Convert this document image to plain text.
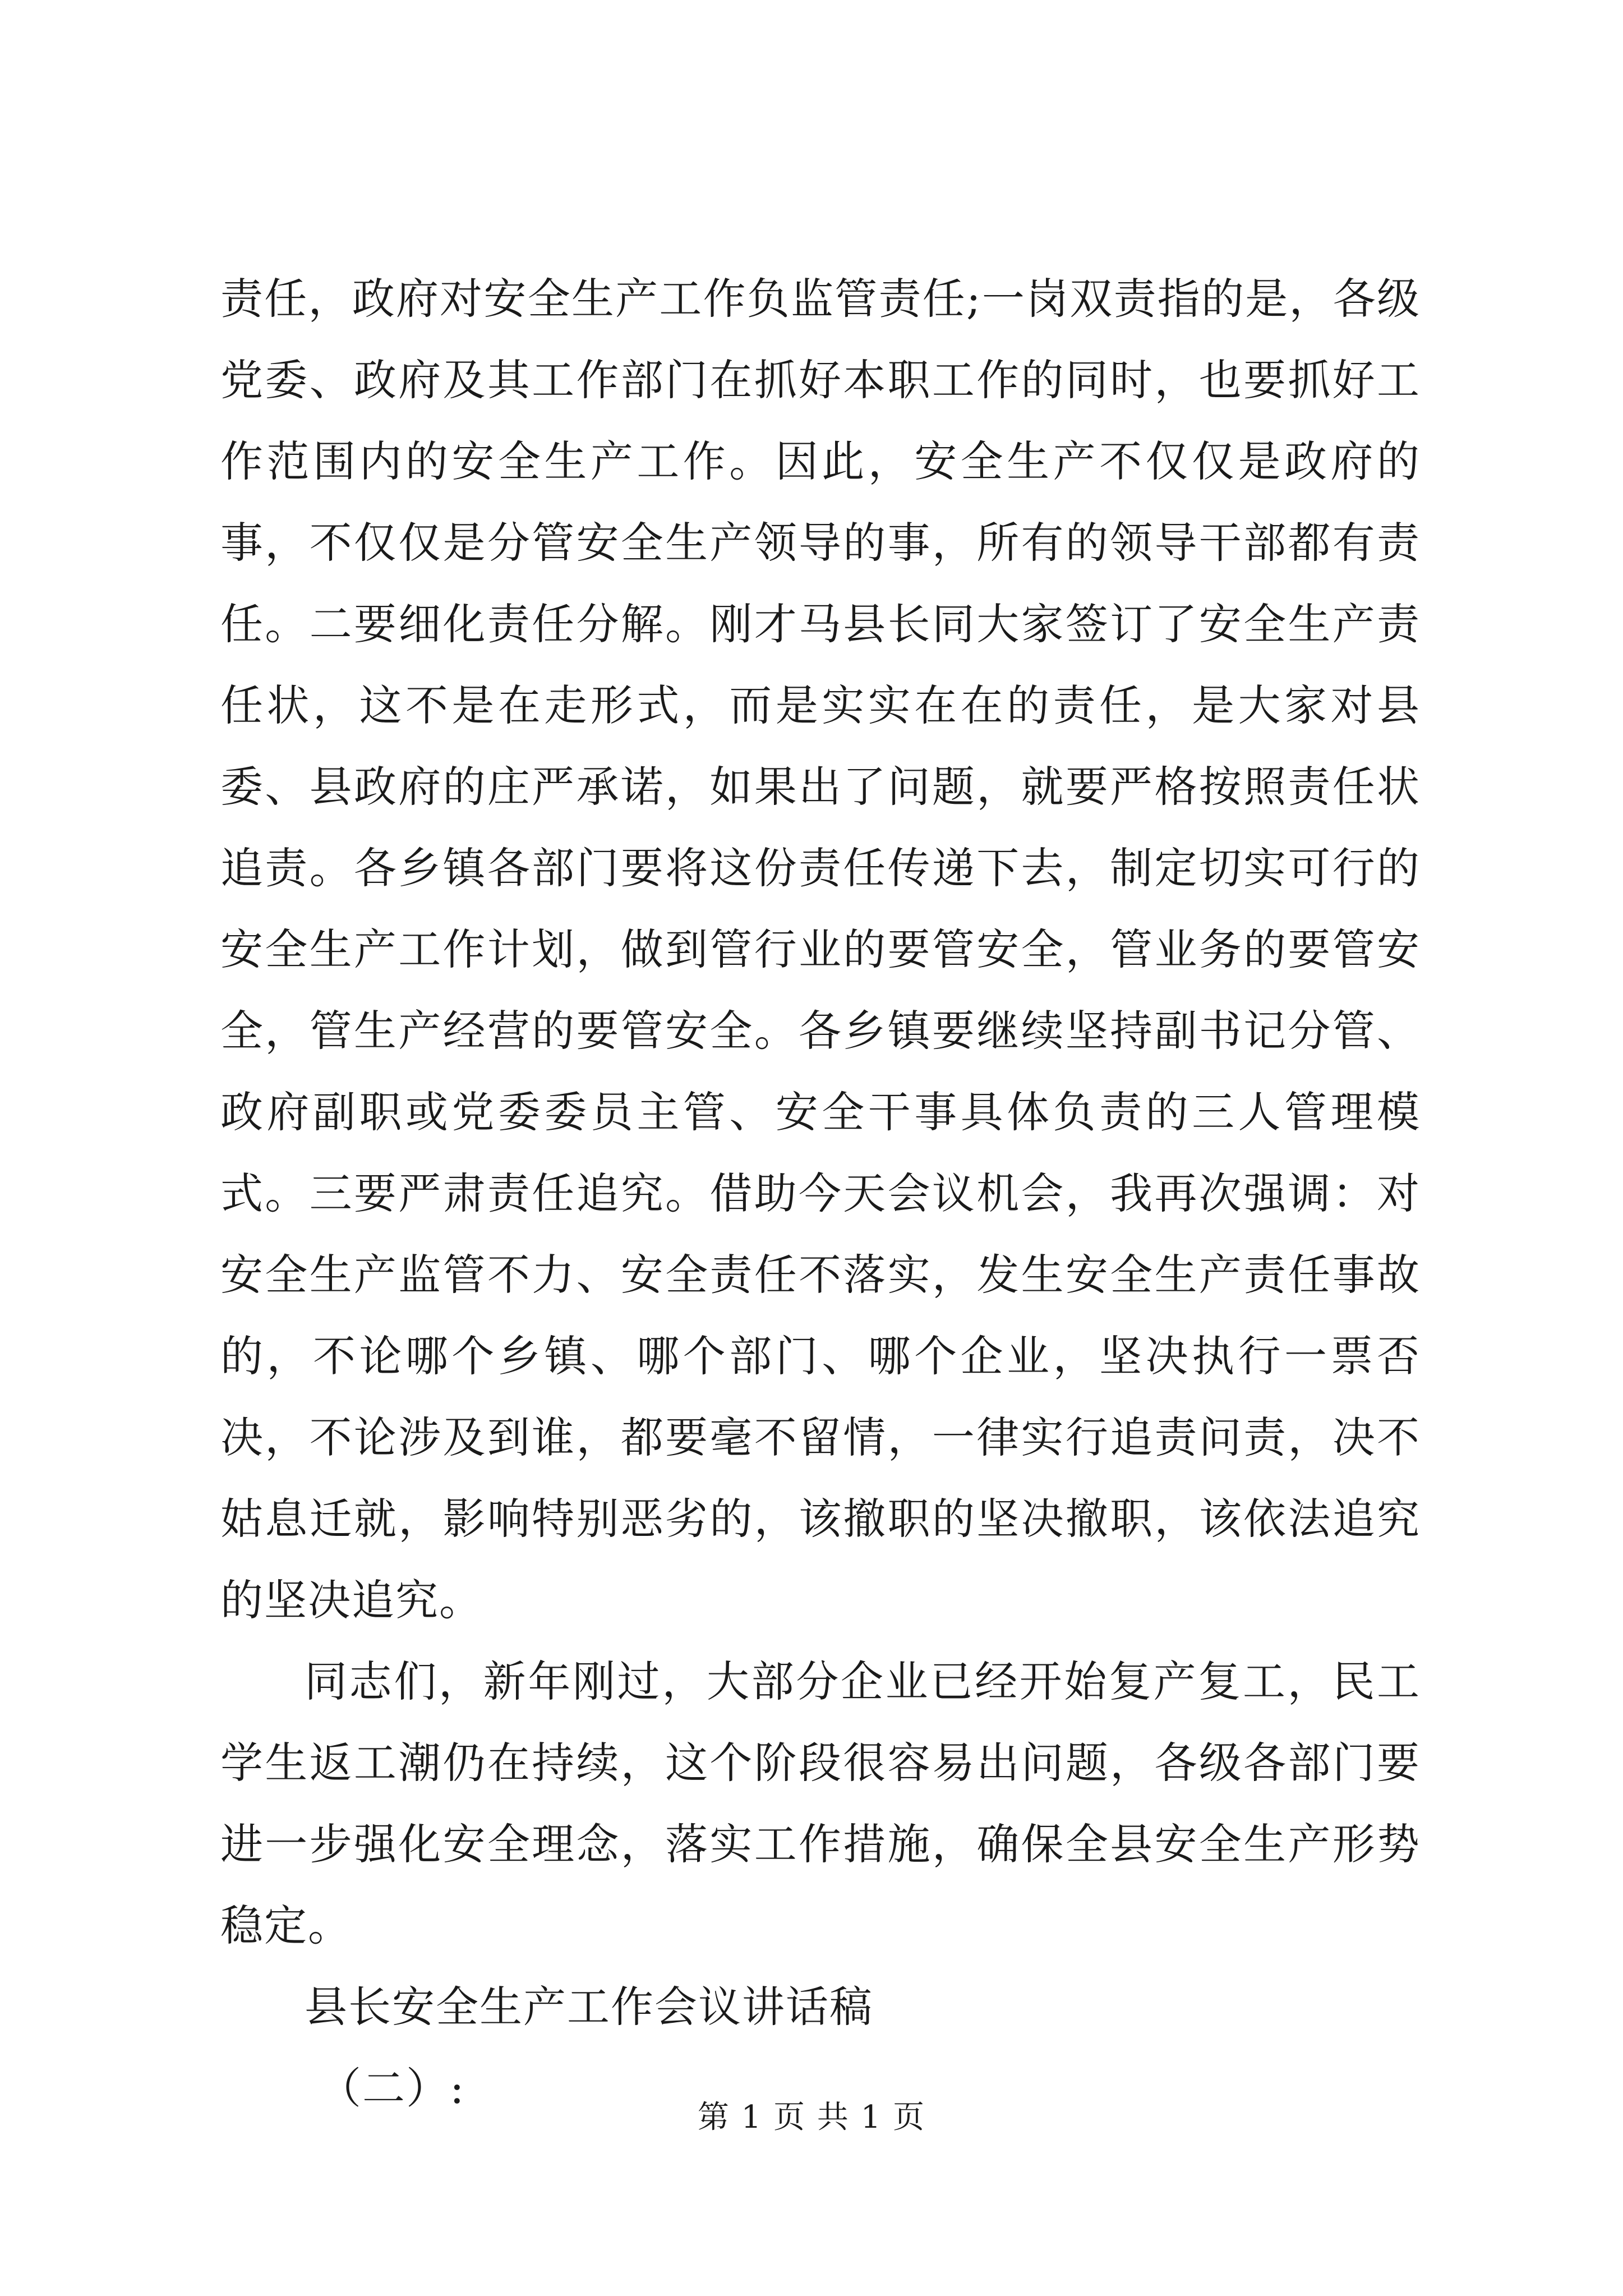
责任，政府对安全生产工作负监管责任;一岗双责指的是，各级党委、政府及其工作部门在抓好本职工作的同时，也要抓好工作范围内的安全生产工作。因此，安全生产不仅仅是政府的事，不仅仅是分管安全生产领导的事，所有的领导干部都有责任。二要细化责任分解。刚才马县长同大家签订了安全生产责任状，这不是在走形式，而是实实在在的责任，是大家对县委、县政府的庄严承诺，如果出了问题，就要严格按照责任状追责。各乡镇各部门要将这份责任传递下去，制定切实可行的安全生产工作计划，做到管行业的要管安全，管业务的要管安全，管生产经营的要管安全。各乡镇要继续坚持副书记分管、政府副职或党委委员主管、安全干事具体负责的三人管理模式。三要严肃责任追究。借助今天会议机会，我再次强调：对安全生产监管不力、安全责任不落实，发生安全生产责任事故的，不论哪个乡镇、哪个部门、哪个企业，坚决执行一票否决，不论涉及到谁，都要毫不留情，一律实行追责问责，决不姑息迁就，影响特别恶劣的，该撤职的坚决撤职，该依法追究的坚决追究。

同志们，新年刚过，大部分企业已经开始复产复工，民工学生返工潮仍在持续，这个阶段很容易出问题，各级各部门要进一步强化安全理念，落实工作措施，确保全县安全生产形势稳定。

县长安全生产工作会议讲话稿

（二）:

第 1 页 共 1 页
